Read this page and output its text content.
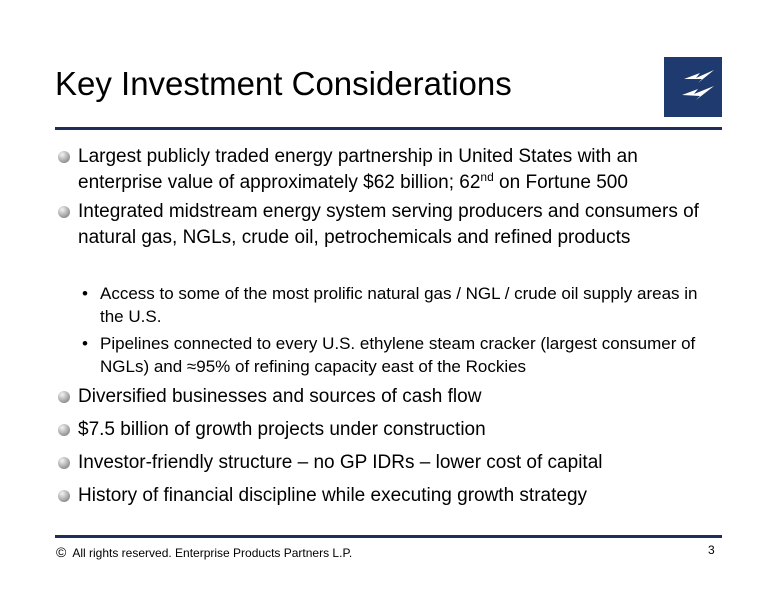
Key Investment Considerations
Largest publicly traded energy partnership in United States with an enterprise value of approximately $62 billion; 62nd on Fortune 500
Integrated midstream energy system serving producers and consumers of natural gas, NGLs, crude oil, petrochemicals and refined products
• Access to some of the most prolific natural gas / NGL / crude oil supply areas in the U.S.
• Pipelines connected to every U.S. ethylene steam cracker (largest consumer of NGLs) and ≈95% of refining capacity east of the Rockies
Diversified businesses and sources of cash flow
$7.5 billion of growth projects under construction
Investor-friendly structure – no GP IDRs – lower cost of capital
History of financial discipline while executing growth strategy
© All rights reserved. Enterprise Products Partners L.P.	3
